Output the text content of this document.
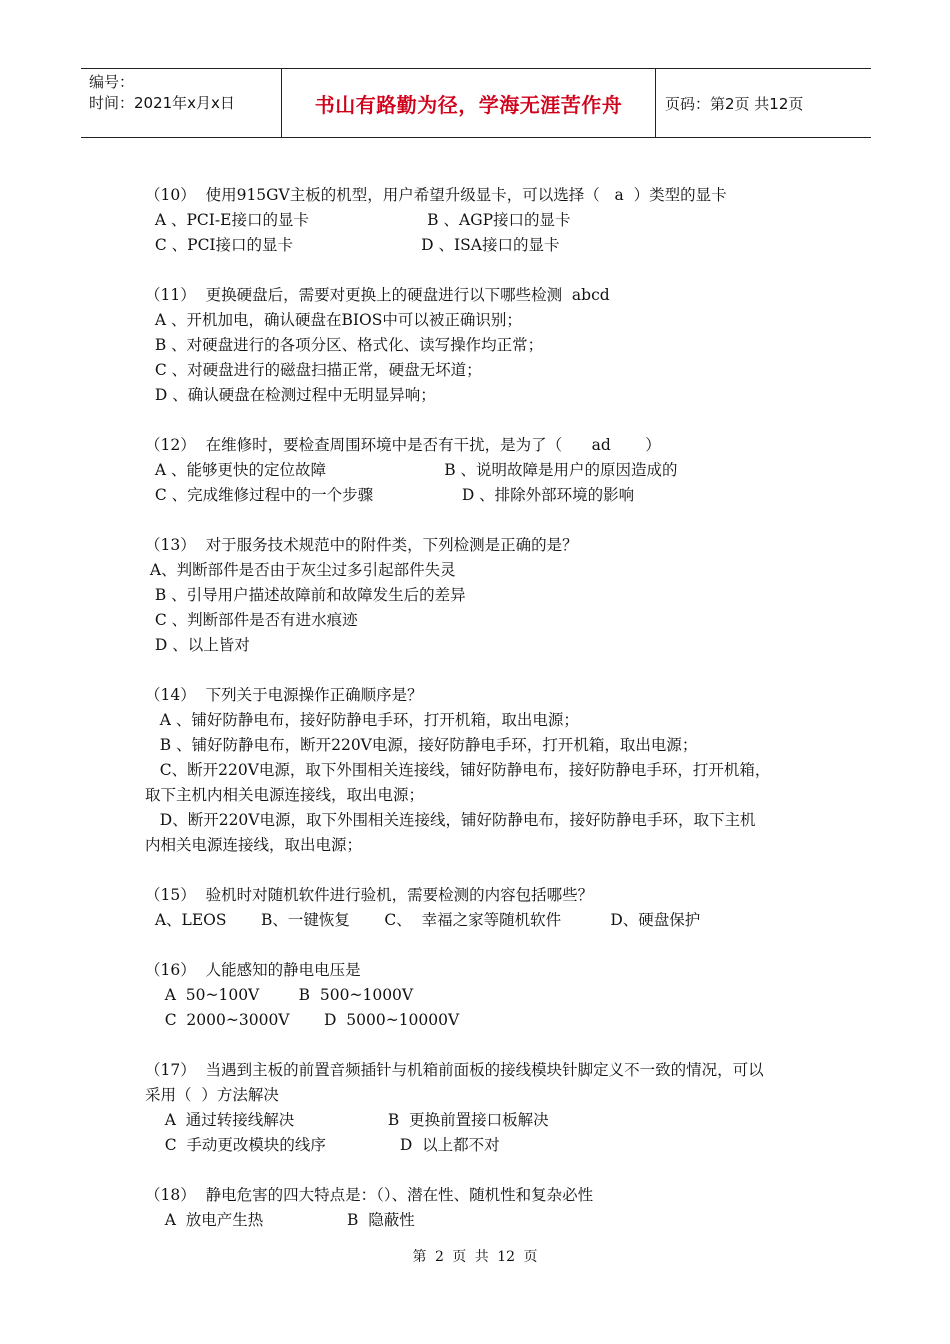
编号：
时间：2021年x月x日	书山有路勤为径，学海无涯苦作舟	页码：第2页 共12页
（10）  使用915GV主板的机型，用户希望升级显卡，可以选择（   a  ）类型的显卡
A 、PCI-E接口的显卡                        B 、AGP接口的显卡
C 、PCI接口的显卡                          D 、ISA接口的显卡
（11）  更换硬盘后，需要对更换上的硬盘进行以下哪些检测  abcd
A 、开机加电，确认硬盘在BIOS中可以被正确识别；
B 、对硬盘进行的各项分区、格式化、读写操作均正常；
C 、对硬盘进行的磁盘扫描正常，硬盘无坏道；
D 、确认硬盘在检测过程中无明显异响；
（12）  在维修时，要检查周围环境中是否有干扰，是为了（      ad       ）
A 、能够更快的定位故障                        B 、说明故障是用户的原因造成的
C 、完成维修过程中的一个步骤                  D 、排除外部环境的影响
（13）  对于服务技术规范中的附件类，下列检测是正确的是？
A、判断部件是否由于灰尘过多引起部件失灵
B 、引导用户描述故障前和故障发生后的差异
C 、判断部件是否有进水痕迹
D 、以上皆对
（14）  下列关于电源操作正确顺序是？
A 、铺好防静电布，接好防静电手环，打开机箱，取出电源；
B 、铺好防静电布，断开220V电源，接好防静电手环，打开机箱，取出电源；
C、断开220V电源，取下外围相关连接线，铺好防静电布，接好防静电手环，打开机箱，
取下主机内相关电源连接线，取出电源；
D、断开220V电源，取下外围相关连接线，铺好防静电布，接好防静电手环，取下主机
内相关电源连接线，取出电源；
（15）  验机时对随机软件进行验机，需要检测的内容包括哪些？
A、LEOS       B、一键恢复       C、  幸福之家等随机软件          D、硬盘保护
（16）  人能感知的静电电压是
A  50~100V        B  500~1000V
C  2000~3000V       D  5000~10000V
（17）  当遇到主板的前置音频插针与机箱前面板的接线模块针脚定义不一致的情况，可以
采用（  ）方法解决
A  通过转接线解决                   B  更换前置接口板解决
C  手动更改模块的线序               D  以上都不对
（18）  静电危害的四大特点是：（）、潜在性、随机性和复杂必性
A  放电产生热                 B  隐蔽性
第 2 页 共 12 页
